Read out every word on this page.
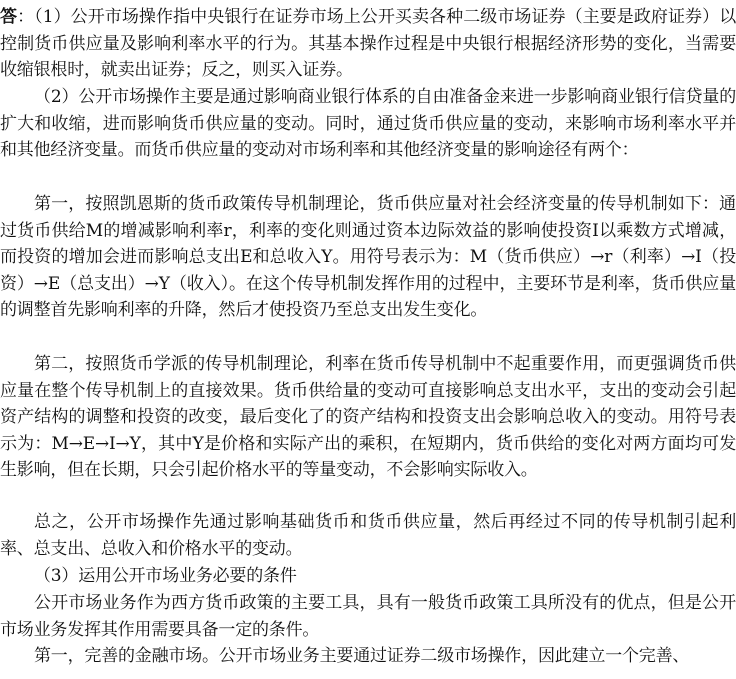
答：（1）公开市场操作指中央银行在证券市场上公开买卖各种二级市场证券（主要是政府证券）以控制货币供应量及影响利率水平的行为。其基本操作过程是中央银行根据经济形势的变化，当需要收缩银根时，就卖出证券；反之，则买入证券。

（2）公开市场操作主要是通过影响商业银行体系的自由准备金来进一步影响商业银行信贷量的扩大和收缩，进而影响货币供应量的变动。同时，通过货币供应量的变动，来影响市场利率水平并和其他经济变量。而货币供应量的变动对市场利率和其他经济变量的影响途径有两个：

第一，按照凯恩斯的货币政策传导机制理论，货币供应量对社会经济变量的传导机制如下：通过货币供给M的增减影响利率r，利率的变化则通过资本边际效益的影响使投资I以乘数方式增减，而投资的增加会进而影响总支出E和总收入Y。用符号表示为：M（货币供应）→r（利率）→I（投资）→E（总支出）→Y（收入）。在这个传导机制发挥作用的过程中，主要环节是利率，货币供应量的调整首先影响利率的升降，然后才使投资乃至总支出发生变化。

第二，按照货币学派的传导机制理论，利率在货币传导机制中不起重要作用，而更强调货币供应量在整个传导机制上的直接效果。货币供给量的变动可直接影响总支出水平，支出的变动会引起资产结构的调整和投资的改变，最后变化了的资产结构和投资支出会影响总收入的变动。用符号表示为：M→E→I→Y，其中Y是价格和实际产出的乘积，在短期内，货币供给的变化对两方面均可发生影响，但在长期，只会引起价格水平的等量变动，不会影响实际收入。

总之，公开市场操作先通过影响基础货币和货币供应量，然后再经过不同的传导机制引起利率、总支出、总收入和价格水平的变动。

（3）运用公开市场业务必要的条件

公开市场业务作为西方货币政策的主要工具，具有一般货币政策工具所没有的优点，但是公开市场业务发挥其作用需要具备一定的条件。

第一，完善的金融市场。公开市场业务主要通过证券二级市场操作，因此建立一个完善、
